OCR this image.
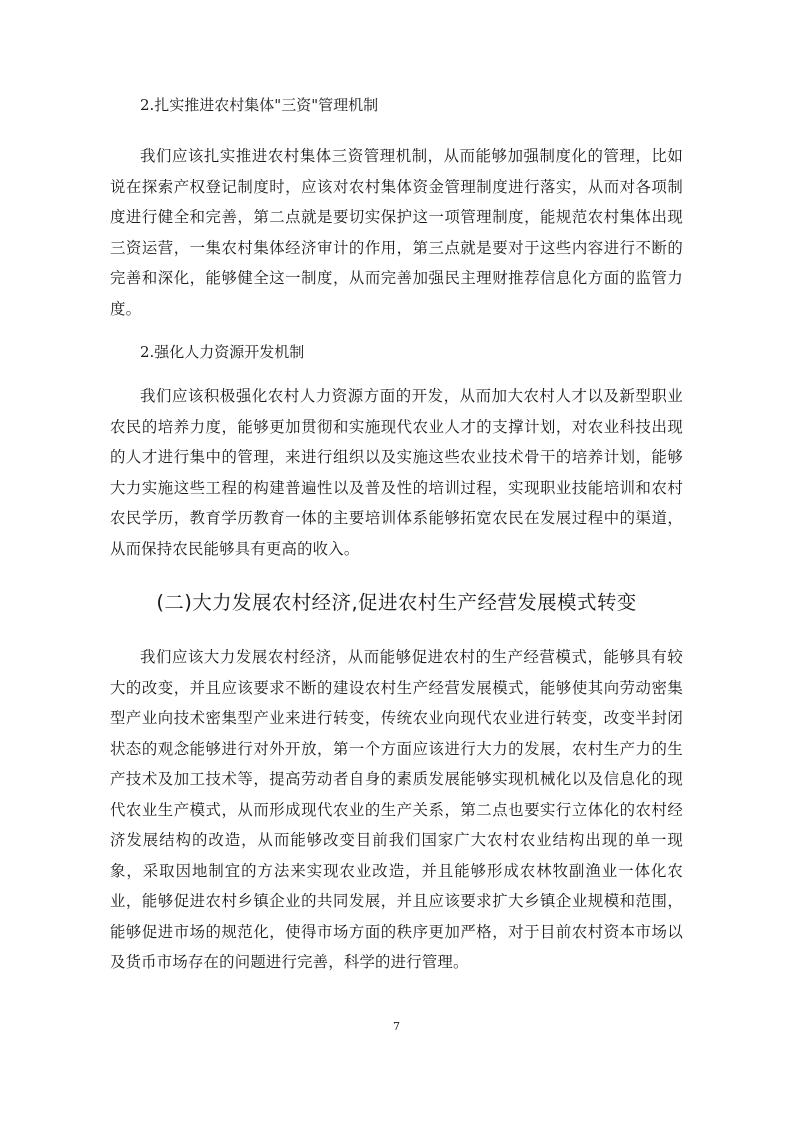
2.扎实推进农村集体"三资"管理机制

我们应该扎实推进农村集体三资管理机制，从而能够加强制度化的管理，比如说在探索产权登记制度时，应该对农村集体资金管理制度进行落实，从而对各项制度进行健全和完善，第二点就是要切实保护这一项管理制度，能规范农村集体出现三资运营，一集农村集体经济审计的作用，第三点就是要对于这些内容进行不断的完善和深化，能够健全这一制度，从而完善加强民主理财推荐信息化方面的监管力度。

2.强化人力资源开发机制

我们应该积极强化农村人力资源方面的开发，从而加大农村人才以及新型职业农民的培养力度，能够更加贯彻和实施现代农业人才的支撑计划，对农业科技出现的人才进行集中的管理，来进行组织以及实施这些农业技术骨干的培养计划，能够大力实施这些工程的构建普遍性以及普及性的培训过程，实现职业技能培训和农村农民学历，教育学历教育一体的主要培训体系能够拓宽农民在发展过程中的渠道，从而保持农民能够具有更高的收入。

(二)大力发展农村经济,促进农村生产经营发展模式转变

我们应该大力发展农村经济，从而能够促进农村的生产经营模式，能够具有较大的改变，并且应该要求不断的建设农村生产经营发展模式，能够使其向劳动密集型产业向技术密集型产业来进行转变，传统农业向现代农业进行转变，改变半封闭状态的观念能够进行对外开放，第一个方面应该进行大力的发展，农村生产力的生产技术及加工技术等，提高劳动者自身的素质发展能够实现机械化以及信息化的现代农业生产模式，从而形成现代农业的生产关系，第二点也要实行立体化的农村经济发展结构的改造，从而能够改变目前我们国家广大农村农业结构出现的单一现象，采取因地制宜的方法来实现农业改造，并且能够形成农林牧副渔业一体化农业，能够促进农村乡镇企业的共同发展，并且应该要求扩大乡镇企业规模和范围，能够促进市场的规范化，使得市场方面的秩序更加严格，对于目前农村资本市场以及货币市场存在的问题进行完善，科学的进行管理。

7
